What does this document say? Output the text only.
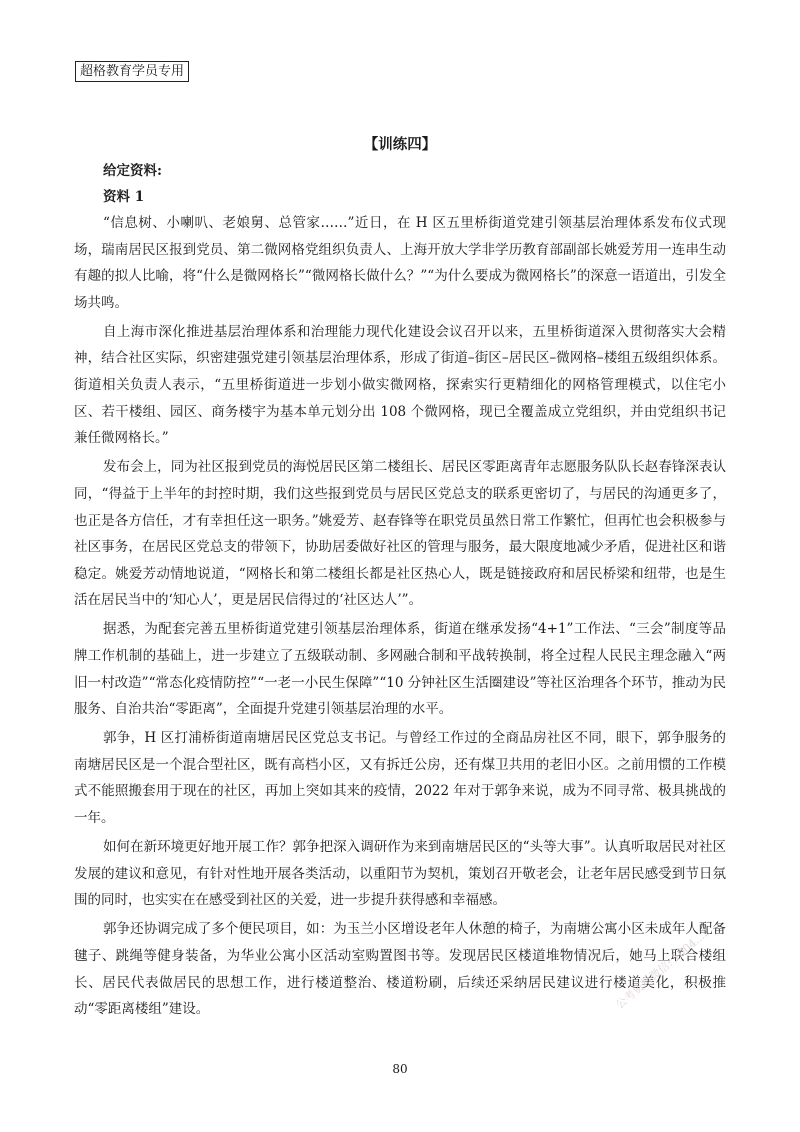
超格教育学员专用
【训练四】
给定资料:
资料 1

“信息树、小喇叭、老娘舅、总管家……”近日，在 H 区五里桥街道党建引领基层治理体系发布仪式现场，瑞南居民区报到党员、第二微网格党组织负责人、上海开放大学非学历教育部副部长姚爱芳用一连串生动有趣的拟人比喻，将“什么是微网格长”“微网格长做什么？”“为什么要成为微网格长”的深意一语道出，引发全场共鸣。

自上海市深化推进基层治理体系和治理能力现代化建设会议召开以来，五里桥街道深入贯彻落实大会精神，结合社区实际，织密建强党建引领基层治理体系，形成了街道–街区–居民区–微网格–楼组五级组织体系。街道相关负责人表示，“五里桥街道进一步划小做实微网格，探索实行更精细化的网格管理模式，以住宅小区、若干楼组、园区、商务楼宇为基本单元划分出 108 个微网格，现已全覆盖成立党组织，并由党组织书记兼任微网格长。”

发布会上，同为社区报到党员的海悦居民区第二楼组长、居民区零距离青年志愿服务队队长赵春锋深表认同，“得益于上半年的封控时期，我们这些报到党员与居民区党总支的联系更密切了，与居民的沟通更多了，也正是各方信任，才有幸担任这一职务。”姚爱芳、赵春锋等在职党员虽然日常工作繁忙，但再忙也会积极参与社区事务，在居民区党总支的带领下，协助居委做好社区的管理与服务，最大限度地减少矛盾，促进社区和谐稳定。姚爱芳动情地说道，“网格长和第二楼组长都是社区热心人，既是链接政府和居民桥梁和纽带，也是生活在居民当中的‘知心人’，更是居民信得过的‘社区达人’”。

据悉，为配套完善五里桥街道党建引领基层治理体系，街道在继承发扬“4+1”工作法、“三会”制度等品牌工作机制的基础上，进一步建立了五级联动制、多网融合制和平战转换制，将全过程人民民主理念融入“两旧一村改造”“常态化疫情防控”“一老一小民生保障”“10 分钟社区生活圈建设”等社区治理各个环节，推动为民服务、自治共治“零距离”，全面提升党建引领基层治理的水平。

郭争，H 区打浦桥街道南塘居民区党总支书记。与曾经工作过的全商品房社区不同，眼下，郭争服务的南塘居民区是一个混合型社区，既有高档小区，又有拆迁公房，还有煤卫共用的老旧小区。之前用惯的工作模式不能照搬套用于现在的社区，再加上突如其来的疫情，2022 年对于郭争来说，成为不同寻常、极具挑战的一年。

如何在新环境更好地开展工作？郭争把深入调研作为来到南塘居民区的“头等大事”。认真听取居民对社区发展的建议和意见，有针对性地开展各类活动，以重阳节为契机，策划召开敬老会，让老年居民感受到节日氛围的同时，也实实在在感受到社区的关爱，进一步提升获得感和幸福感。

郭争还协调完成了多个便民项目，如：为玉兰小区增设老年人休憩的椅子，为南塘公寓小区未成年人配备毽子、跳绳等健身装备，为华业公寓小区活动室购置图书等。发现居民区楼道堆物情况后，她马上联合楼组长、居民代表做居民的思想工作，进行楼道整治、楼道粉刷，后续还采纳居民建议进行楼道美化，积极推动“零距离楼组”建设。	公考资料微信: 1004...2
80
